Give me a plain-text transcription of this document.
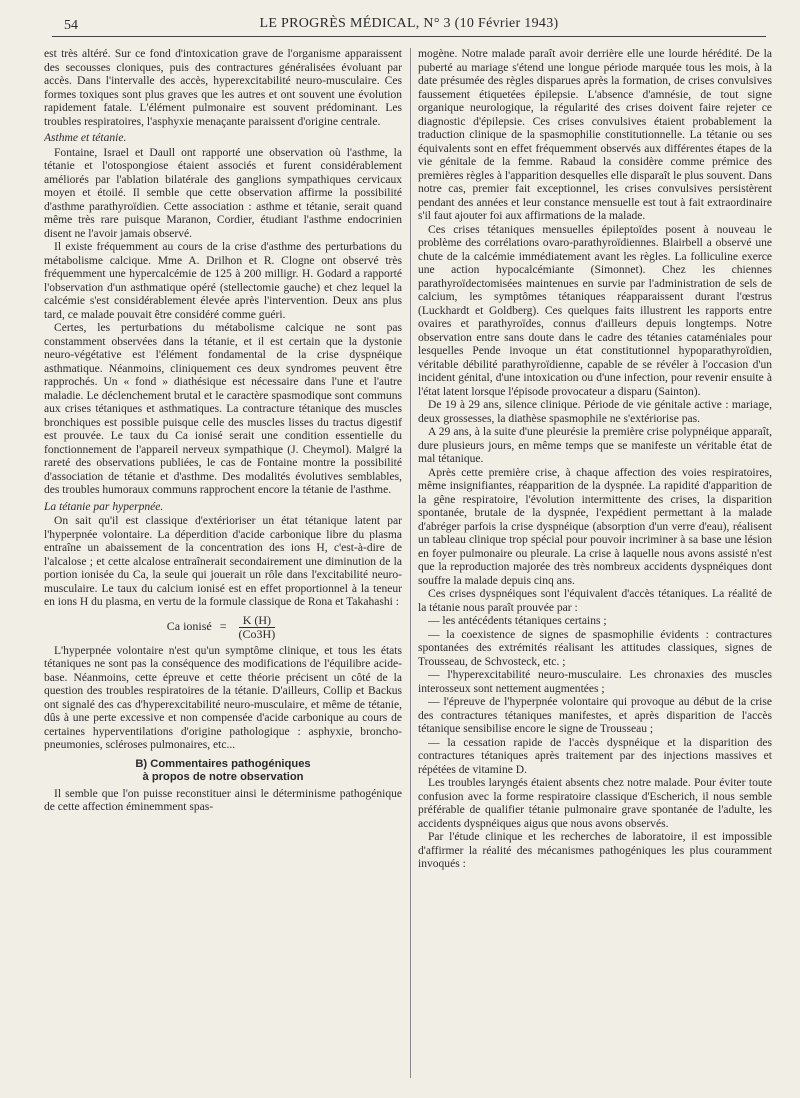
54	LE PROGRÈS MÉDICAL, N° 3 (10 Février 1943)

est très altéré. Sur ce fond d'intoxication grave de l'organisme apparaissent des secousses cloniques, puis des contractures généralisées évoluant par accès. Dans l'intervalle des accès, hyperexcitabilité neuro-musculaire. Ces formes toxiques sont plus graves que les autres et ont souvent une évolution rapidement fatale. L'élément pulmonaire est souvent prédominant. Les troubles respiratoires, l'asphyxie menaçante paraissent d'origine centrale.

Asthme et tétanie.

Fontaine, Israel et Daull ont rapporté une observation où l'asthme, la tétanie et l'otospongiose étaient associés et furent considérablement améliorés par l'ablation bilatérale des ganglions sympathiques cervicaux moyen et étoilé. Il semble que cette observation affirme la possibilité d'asthme parathyroïdien. Cette association : asthme et tétanie, serait quand même très rare puisque Maranon, Cordier, étudiant l'asthme endocrinien disent ne l'avoir jamais observé.

Il existe fréquemment au cours de la crise d'asthme des perturbations du métabolisme calcique. Mme A. Drilhon et R. Clogne ont observé très fréquemment une hypercalcémie de 125 à 200 milligr. H. Godard a rapporté l'observation d'un asthmatique opéré (stellectomie gauche) et chez lequel la calcémie s'est considérablement élevée après l'intervention. Deux ans plus tard, ce malade pouvait être considéré comme guéri.

Certes, les perturbations du métabolisme calcique ne sont pas constamment observées dans la tétanie, et il est certain que la dystonie neuro-végétative est l'élément fondamental de la crise dyspnéique asthmatique. Néanmoins, cliniquement ces deux syndromes peuvent être rapprochés. Un « fond » diathésique est nécessaire dans l'une et l'autre maladie. Le déclenchement brutal et le caractère spasmodique sont communs aux crises tétaniques et asthmatiques. La contracture tétanique des muscles bronchiques est possible puisque celle des muscles lisses du tractus digestif est prouvée. Le taux du Ca ionisé serait une condition essentielle du fonctionnement de l'appareil nerveux sympathique (J. Cheymol). Malgré la rareté des observations publiées, le cas de Fontaine montre la possibilité d'association de tétanie et d'asthme. Des modalités évolutives semblables, des troubles humoraux communs rapprochent encore la tétanie de l'asthme.

La tétanie par hyperpnée.

On sait qu'il est classique d'extérioriser un état tétanique latent par l'hyperpnée volontaire. La déperdition d'acide carbonique libre du plasma entraîne un abaissement de la concentration des ions H, c'est-à-dire de l'alcalose ; et cette alcalose entraînerait secondairement une diminution de la portion ionisée du Ca, la seule qui jouerait un rôle dans l'excitabilité neuro-musculaire. Le taux du calcium ionisé est en effet proportionnel à la teneur en ions H du plasma, en vertu de la formule classique de Rona et Takahashi :

Ca ionisé = $\frac{K (H)}{(Co3H)}$

L'hyperpnée volontaire n'est qu'un symptôme clinique, et tous les états tétaniques ne sont pas la conséquence des modifications de l'équilibre acide-base. Néanmoins, cette épreuve et cette théorie précisent un côté de la question des troubles respiratoires de la tétanie. D'ailleurs, Collip et Backus ont signalé des cas d'hyperexcitabilité neuro-musculaire, et même de tétanie, dûs à une perte excessive et non compensée d'acide carbonique au cours de certaines hyperventilations d'origine pathologique : asphyxie, broncho-pneumonies, scléroses pulmonaires, etc...

B) Commentaires pathogéniques
à propos de notre observation

Il semble que l'on puisse reconstituer ainsi le déterminisme pathogénique de cette affection éminemment spas-

mogène. Notre malade paraît avoir derrière elle une lourde hérédité. De la puberté au mariage s'étend une longue période marquée tous les mois, à la date présumée des règles disparues après la formation, de crises convulsives faussement étiquetées épilepsie. L'absence d'amnésie, de tout signe organique neurologique, la régularité des crises doivent faire rejeter ce diagnostic d'épilepsie. Ces crises convulsives étaient probablement la traduction clinique de la spasmophilie constitutionnelle. La tétanie ou ses équivalents sont en effet fréquemment observés aux différentes étapes de la vie génitale de la femme. Rabaud la considère comme prémice des premières règles à l'apparition desquelles elle disparaît le plus souvent. Dans notre cas, premier fait exceptionnel, les crises convulsives persistèrent pendant des années et leur constance mensuelle est tout à fait extraordinaire s'il faut ajouter foi aux affirmations de la malade.

Ces crises tétaniques mensuelles épileptoïdes posent à nouveau le problème des corrélations ovaro-parathyroïdiennes. Blairbell a observé une chute de la calcémie immédiatement avant les règles. La folliculine exerce une action hypocalcémiante (Simonnet). Chez les chiennes parathyroïdectomisées maintenues en survie par l'administration de sels de calcium, les symptômes tétaniques réapparaissent durant l'œstrus (Luckhardt et Goldberg). Ces quelques faits illustrent les rapports entre ovaires et parathyroïdes, connus d'ailleurs depuis longtemps. Notre observation entre sans doute dans le cadre des tétanies cataméniales pour lesquelles Pende invoque un état constitutionnel hypoparathyroïdien, véritable débilité parathyroïdienne, capable de se révéler à l'occasion d'un incident génital, d'une intoxication ou d'une infection, pour revenir ensuite à l'état latent lorsque l'épisode provocateur a disparu (Sainton).

De 19 à 29 ans, silence clinique. Période de vie génitale active : mariage, deux grossesses, la diathèse spasmophile ne s'extériorise pas.

A 29 ans, à la suite d'une pleurésie la première crise polypnéique apparaît, dure plusieurs jours, en même temps que se manifeste un véritable état de mal tétanique.

Après cette première crise, à chaque affection des voies respiratoires, même insignifiantes, réapparition de la dyspnée. La rapidité d'apparition de la gêne respiratoire, l'évolution intermittente des crises, la disparition spontanée, brutale de la dyspnée, l'expédient permettant à la malade d'abréger parfois la crise dyspnéique (absorption d'un verre d'eau), réalisent un tableau clinique trop spécial pour pouvoir incriminer à sa base une lésion en foyer pulmonaire ou pleurale. La crise à laquelle nous avons assisté n'est que la reproduction majorée des très nombreux accidents dyspnéiques dont souffre la malade depuis cinq ans.

Ces crises dyspnéiques sont l'équivalent d'accès tétaniques. La réalité de la tétanie nous paraît prouvée par :

— les antécédents tétaniques certains ;

— la coexistence de signes de spasmophilie évidents : contractures spontanées des extrémités réalisant les attitudes classiques, signes de Trousseau, de Schvosteck, etc. ;

— l'hyperexcitabilité neuro-musculaire. Les chronaxies des muscles interosseux sont nettement augmentées ;

— l'épreuve de l'hyperpnée volontaire qui provoque au début de la crise des contractures tétaniques manifestes, et après disparition de l'accès tétanique sensibilise encore le signe de Trousseau ;

— la cessation rapide de l'accès dyspnéique et la disparition des contractures tétaniques après traitement par des injections massives et répétées de vitamine D.

Les troubles laryngés étaient absents chez notre malade. Pour éviter toute confusion avec la forme respiratoire classique d'Escherich, il nous semble préférable de qualifier tétanie pulmonaire grave spontanée de l'adulte, les accidents dyspnéiques aigus que nous avons observés.

Par l'étude clinique et les recherches de laboratoire, il est impossible d'affirmer la réalité des mécanismes pathogéniques les plus couramment invoqués :
